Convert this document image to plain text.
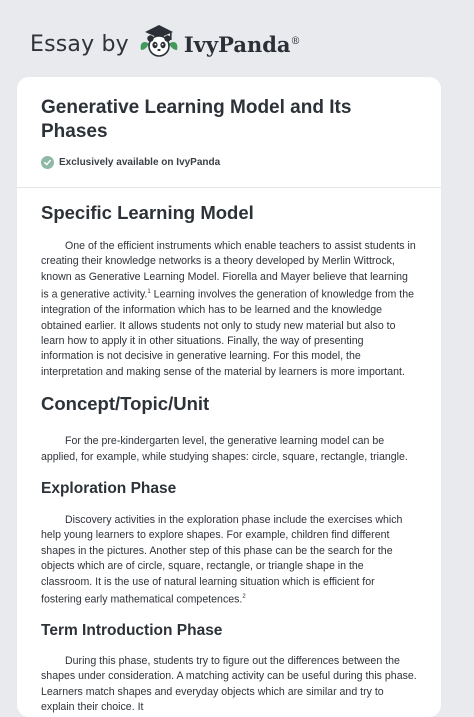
Essay by	IvyPanda®
Generative Learning Model and Its Phases
Exclusively available on IvyPanda
Specific Learning Model

One of the efficient instruments which enable teachers to assist students in creating their knowledge networks is a theory developed by Merlin Wittrock, known as Generative Learning Model. Fiorella and Mayer believe that learning is a generative activity.$^1$ Learning involves the generation of knowledge from the integration of the information which has to be learned and the knowledge obtained earlier. It allows students not only to study new material but also to learn how to apply it in other situations. Finally, the way of presenting information is not decisive in generative learning. For this model, the interpretation and making sense of the material by learners is more important.

Concept/Topic/Unit

For the pre-kindergarten level, the generative learning model can be applied, for example, while studying shapes: circle, square, rectangle, triangle.

Exploration Phase

Discovery activities in the exploration phase include the exercises which help young learners to explore shapes. For example, children find different shapes in the pictures. Another step of this phase can be the search for the objects which are of circle, square, rectangle, or triangle shape in the classroom. It is the use of natural learning situation which is efficient for fostering early mathematical competences.$^2$

Term Introduction Phase

During this phase, students try to figure out the differences between the shapes under consideration. A matching activity can be useful during this phase. Learners match shapes and everyday objects which are similar and try to explain their choice. It
